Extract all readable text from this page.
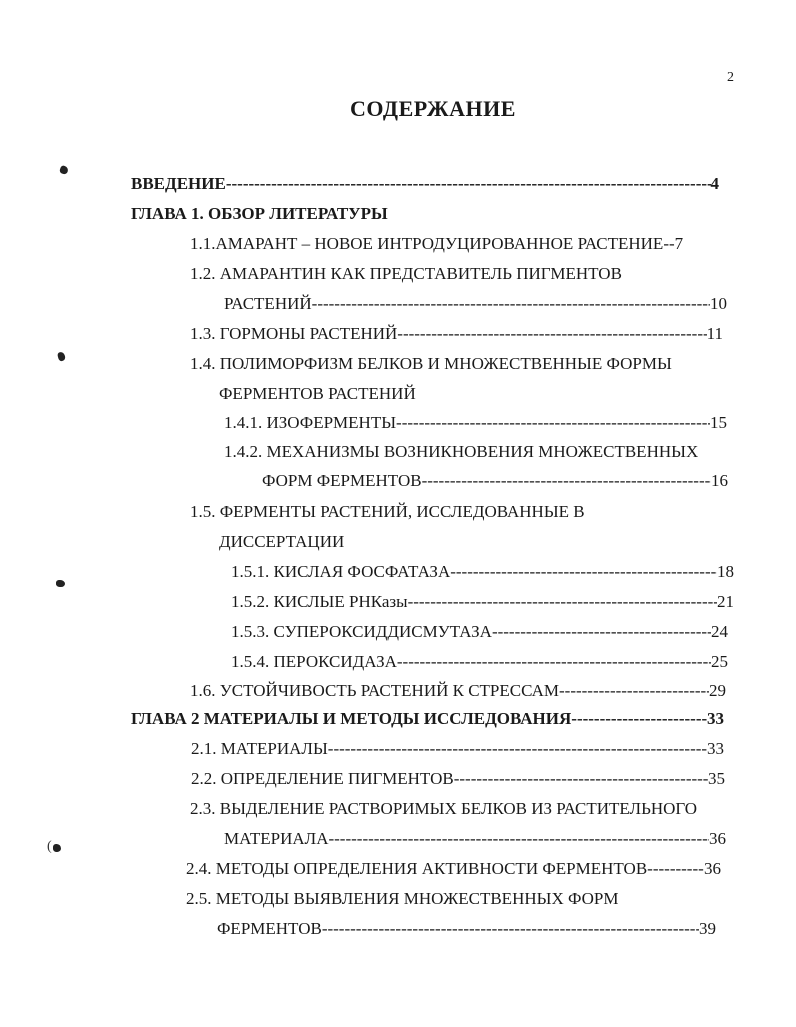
2
СОДЕРЖАНИЕ
(
ВВЕДЕНИЕ -----	4
ГЛАВА 1. ОБЗОР ЛИТЕРАТУРЫ
1.1.АМАРАНТ – НОВОЕ ИНТРОДУЦИРОВАННОЕ РАСТЕНИЕ -- 7
1.2. АМАРАНТИН КАК ПРЕДСТАВИТЕЛЬ ПИГМЕНТОВ
РАСТЕНИЙ -----	10
1.3. ГОРМОНЫ РАСТЕНИЙ -----	11
1.4. ПОЛИМОРФИЗМ БЕЛКОВ И МНОЖЕСТВЕННЫЕ ФОРМЫ
ФЕРМЕНТОВ РАСТЕНИЙ
1.4.1. ИЗОФЕРМЕНТЫ -----	15
1.4.2. МЕХАНИЗМЫ ВОЗНИКНОВЕНИЯ МНОЖЕСТВЕННЫХ
ФОРМ ФЕРМЕНТОВ -----	16
1.5. ФЕРМЕНТЫ РАСТЕНИЙ, ИССЛЕДОВАННЫЕ В
ДИССЕРТАЦИИ
1.5.1. КИСЛАЯ ФОСФАТАЗА -----	18
1.5.2. КИСЛЫЕ РНКазы -----	21
1.5.3. СУПЕРОКСИДДИСМУТАЗА -----	24
1.5.4. ПЕРОКСИДАЗА -----	25
1.6. УСТОЙЧИВОСТЬ РАСТЕНИЙ К СТРЕССАМ -----	29
ГЛАВА 2 МАТЕРИАЛЫ И МЕТОДЫ ИССЛЕДОВАНИЯ -----	33
2.1. МАТЕРИАЛЫ -----	33
2.2. ОПРЕДЕЛЕНИЕ ПИГМЕНТОВ -----	35
2.3. ВЫДЕЛЕНИЕ РАСТВОРИМЫХ БЕЛКОВ ИЗ РАСТИТЕЛЬНОГО
МАТЕРИАЛА -----	36
2.4. МЕТОДЫ ОПРЕДЕЛЕНИЯ АКТИВНОСТИ ФЕРМЕНТОВ -----	36
2.5. МЕТОДЫ ВЫЯВЛЕНИЯ МНОЖЕСТВЕННЫХ ФОРМ
ФЕРМЕНТОВ -----	39
